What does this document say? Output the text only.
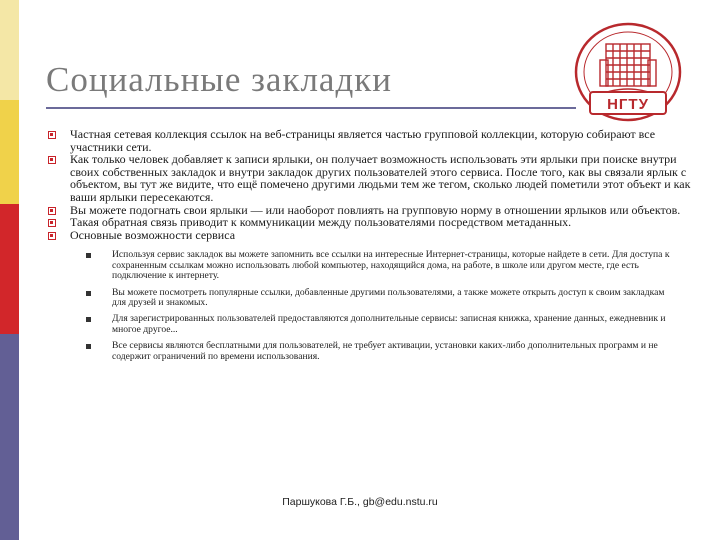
Социальные закладки
НГТУ
Частная сетевая коллекция ссылок на веб-страницы является частью групповой коллекции, которую собирают все участники сети.
Как только человек добавляет к записи ярлыки, он получает возможность использовать эти ярлыки при поиске внутри своих собственных закладок и внутри закладок других пользователей этого сервиса. После того, как вы связали ярлык с объектом, вы тут же видите, что ещё помечено другими людьми тем же тегом, сколько людей пометили этот объект и как ваши ярлыки пересекаются.
Вы можете подогнать свои ярлыки — или наоборот повлиять на групповую норму в отношении ярлыков или объектов.
Такая обратная связь приводит к коммуникации между пользователями посредством метаданных.
Основные возможности сервиса
Используя сервис закладок вы можете запомнить все ссылки на интересные Интернет-страницы, которые найдете в сети. Для доступа к сохраненным ссылкам можно использовать любой компьютер, находящийся дома, на работе, в школе или другом месте, где есть подключение к интернету.
Вы можете посмотреть популярные ссылки, добавленные другими пользователями, а также можете открыть доступ к своим закладкам для друзей и знакомых.
Для зарегистрированных пользователей предоставляются дополнительные сервисы: записная книжка, хранение данных, ежедневник и многое другое...
Все сервисы являются бесплатными для пользователей, не требует активации, установки каких-либо дополнительных программ и не содержит ограничений по времени использования.
Паршукова Г.Б., gb@edu.nstu.ru
